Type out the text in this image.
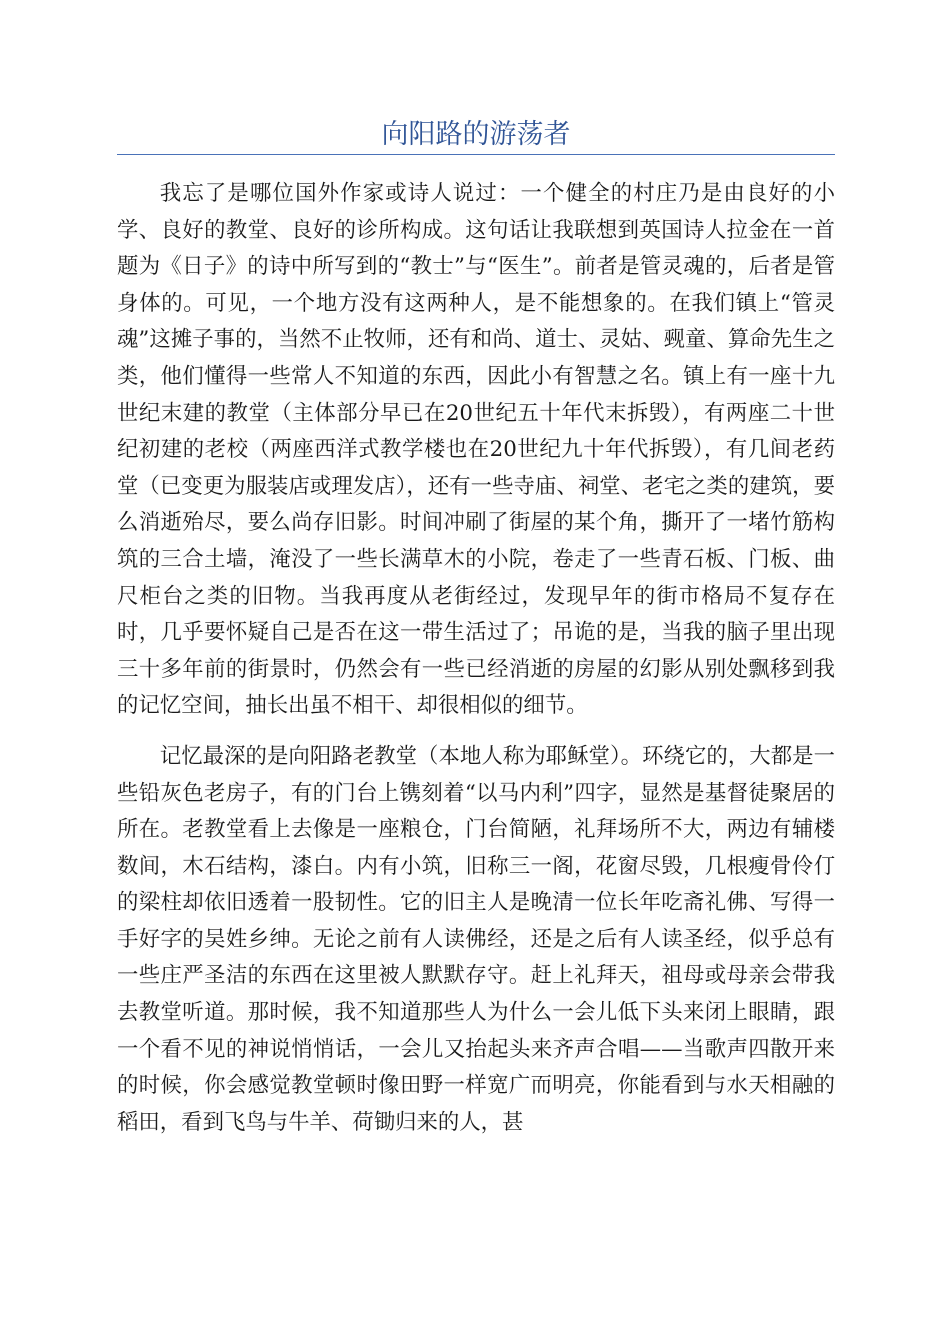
向阳路的游荡者

我忘了是哪位国外作家或诗人说过：一个健全的村庄乃是由良好的小学、良好的教堂、良好的诊所构成。这句话让我联想到英国诗人拉金在一首题为《日子》的诗中所写到的“教士”与“医生”。前者是管灵魂的，后者是管身体的。可见，一个地方没有这两种人，是不能想象的。在我们镇上“管灵魂”这摊子事的，当然不止牧师，还有和尚、道士、灵姑、觋童、算命先生之类，他们懂得一些常人不知道的东西，因此小有智慧之名。镇上有一座十九世纪末建的教堂（主体部分早已在20世纪五十年代末拆毁），有两座二十世纪初建的老校（两座西洋式教学楼也在20世纪九十年代拆毁），有几间老药堂（已变更为服装店或理发店），还有一些寺庙、祠堂、老宅之类的建筑，要么消逝殆尽，要么尚存旧影。时间冲刷了街屋的某个角，撕开了一堵竹筋构筑的三合土墙，淹没了一些长满草木的小院，卷走了一些青石板、门板、曲尺柜台之类的旧物。当我再度从老街经过，发现早年的街市格局不复存在时，几乎要怀疑自己是否在这一带生活过了；吊诡的是，当我的脑子里出现三十多年前的街景时，仍然会有一些已经消逝的房屋的幻影从别处飘移到我的记忆空间，抽长出虽不相干、却很相似的细节。

记忆最深的是向阳路老教堂（本地人称为耶稣堂）。环绕它的，大都是一些铅灰色老房子，有的门台上镌刻着“以马内利”四字，显然是基督徒聚居的所在。老教堂看上去像是一座粮仓，门台简陋，礼拜场所不大，两边有辅楼数间，木石结构，漆白。内有小筑，旧称三一阁，花窗尽毁，几根瘦骨伶仃的梁柱却依旧透着一股韧性。它的旧主人是晚清一位长年吃斋礼佛、写得一手好字的吴姓乡绅。无论之前有人读佛经，还是之后有人读圣经，似乎总有一些庄严圣洁的东西在这里被人默默存守。赶上礼拜天，祖母或母亲会带我去教堂听道。那时候，我不知道那些人为什么一会儿低下头来闭上眼睛，跟一个看不见的神说悄悄话，一会儿又抬起头来齐声合唱——当歌声四散开来的时候，你会感觉教堂顿时像田野一样宽广而明亮，你能看到与水天相融的稻田，看到飞鸟与牛羊、荷锄归来的人，甚
